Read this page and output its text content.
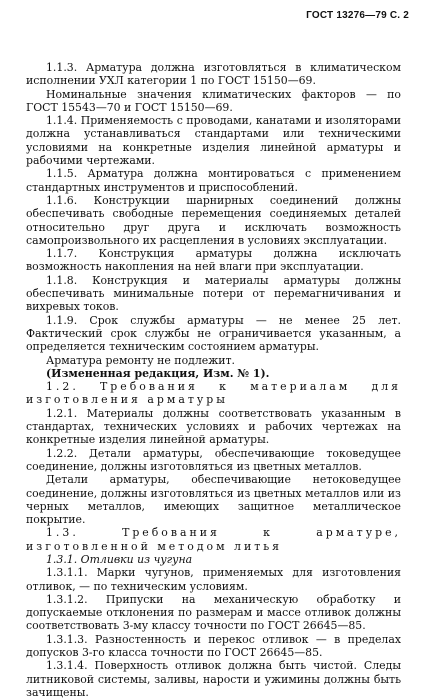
ГОСТ 13276—79 С. 2

1.1.3. Арматура должна изготовляться в климатическом исполнении УХЛ категории 1 по ГОСТ 15150—69.

Номинальные значения климатических факторов — по ГОСТ 15543—70 и ГОСТ 15150—69.

1.1.4. Применяемость с проводами, канатами и изоляторами должна устанавливаться стандартами или техническими условиями на конкретные изделия линейной арматуры и рабочими чертежами.

1.1.5. Арматура должна монтироваться с применением стандартных инструментов и приспособлений.

1.1.6. Конструкции шарнирных соединений должны обеспечивать свободные перемещения соединяемых деталей относительно друг друга и исключать возможность самопроизвольного их расцепления в условиях эксплуатации.

1.1.7. Конструкция арматуры должна исключать возможность накопления на ней влаги при эксплуатации.

1.1.8. Конструкция и материалы арматуры должны обеспечивать минимальные потери от перемагничивания и вихревых токов.

1.1.9. Срок службы арматуры — не менее 25 лет. Фактический срок службы не ограничивается указанным, а определяется техническим состоянием арматуры.

Арматура ремонту не подлежит.

(Измененная редакция, Изм. № 1).

1.2. Требования к материалам для изготовления арматуры

1.2.1. Материалы должны соответствовать указанным в стандартах, технических условиях и рабочих чертежах на конкретные изделия линейной арматуры.

1.2.2. Детали арматуры, обеспечивающие токоведущее соединение, должны изготовляться из цветных металлов.

Детали арматуры, обеспечивающие нетоковедущее соединение, должны изготовляться из цветных металлов или из черных металлов, имеющих защитное металлическое покрытие.

1.3. Требования к арматуре, изготовленной методом литья

1.3.1. Отливки из чугуна

1.3.1.1. Марки чугунов, применяемых для изготовления отливок, — по техническим условиям.

1.3.1.2. Припуски на механическую обработку и допускаемые отклонения по размерам и массе отливок должны соответствовать 3-му классу точности по ГОСТ 26645—85.

1.3.1.3. Разностенность и перекос отливок — в пределах допусков 3-го класса точности по ГОСТ 26645—85.

1.3.1.4. Поверхность отливок должна быть чистой. Следы литниковой системы, заливы, нарости и ужимины должны быть зачищены.
